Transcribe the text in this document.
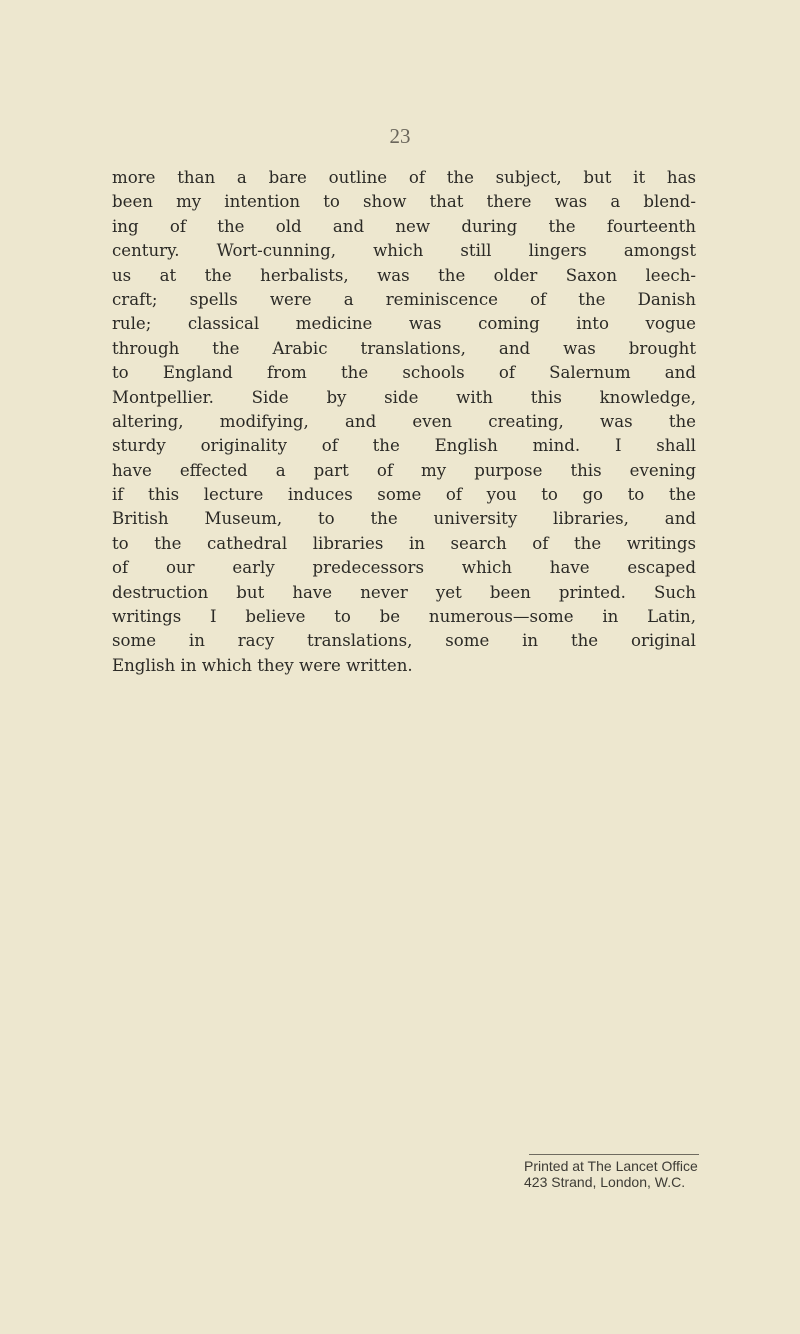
23
more than a bare outline of the subject, but it has
been my intention to show that there was a blend-
ing of the old and new during the fourteenth
century. Wort-cunning, which still lingers amongst
us at the herbalists, was the older Saxon leech-
craft; spells were a reminiscence of the Danish
rule; classical medicine was coming into vogue
through the Arabic translations, and was brought
to England from the schools of Salernum and
Montpellier. Side by side with this knowledge,
altering, modifying, and even creating, was the
sturdy originality of the English mind. I shall
have effected a part of my purpose this evening
if this lecture induces some of you to go to the
British Museum, to the university libraries, and
to the cathedral libraries in search of the writings
of our early predecessors which have escaped
destruction but have never yet been printed. Such
writings I believe to be numerous—some in Latin,
some in racy translations, some in the original
English in which they were written.
Printed at The Lancet Office
423 Strand, London, W.C.
